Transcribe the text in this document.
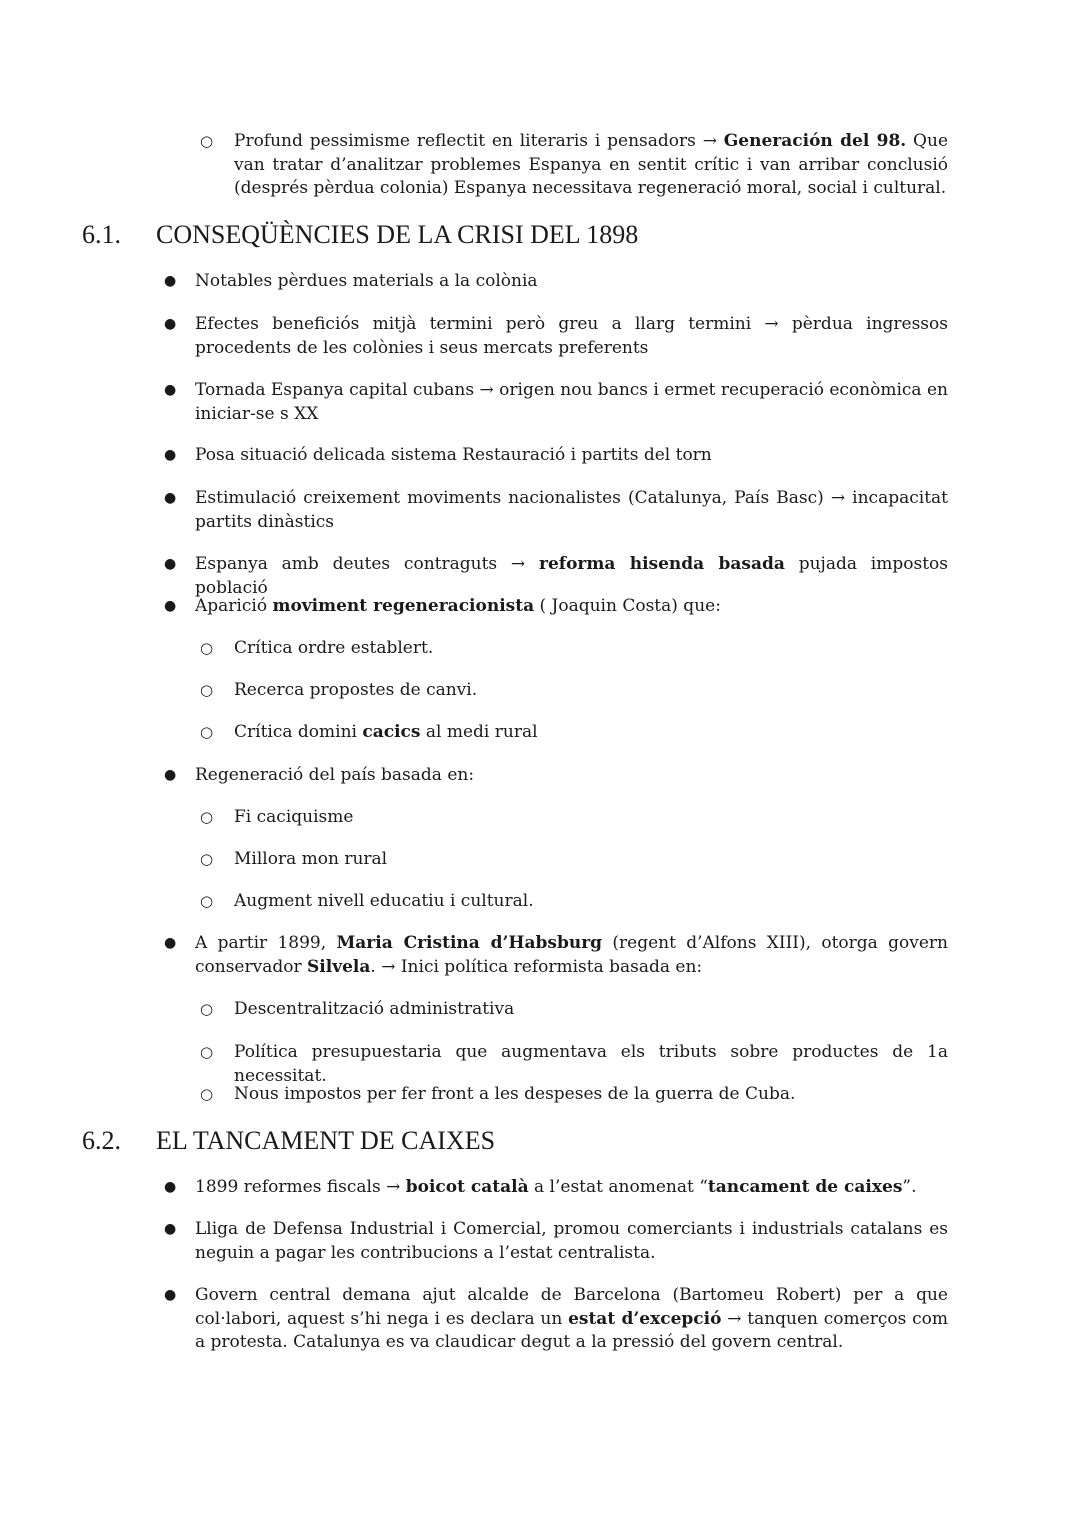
○ Profund pessimisme reflectit en literaris i pensadors → Generación del 98. Que van tratar d’analitzar problemes Espanya en sentit crític i van arribar conclusió (després pèrdua colonia) Espanya necessitava regeneració moral, social i cultural.
6.1. CONSEQÜÈNCIES DE LA CRISI DEL 1898
● Notables pèrdues materials a la colònia
● Efectes beneficiós mitjà termini però greu a llarg termini → pèrdua ingressos procedents de les colònies i seus mercats preferents
● Tornada Espanya capital cubans → origen nou bancs i ermet recuperació econòmica en iniciar-se s XX
● Posa situació delicada sistema Restauració i partits del torn
● Estimulació creixement moviments nacionalistes (Catalunya, País Basc) → incapacitat partits dinàstics
● Espanya amb deutes contraguts → reforma hisenda basada pujada impostos població
● Aparició moviment regeneracionista ( Joaquin Costa) que:
○ Crítica ordre establert.
○ Recerca propostes de canvi.
○ Crítica domini cacics al medi rural
● Regeneració del país basada en:
○ Fi caciquisme
○ Millora mon rural
○ Augment nivell educatiu i cultural.
● A partir 1899, Maria Cristina d’Habsburg (regent d’Alfons XIII), otorga govern conservador Silvela. → Inici política reformista basada en:
○ Descentralització administrativa
○ Política presupuestaria que augmentava els tributs sobre productes de 1a necessitat.
○ Nous impostos per fer front a les despeses de la guerra de Cuba.
6.2. EL TANCAMENT DE CAIXES
● 1899 reformes fiscals → boicot català a l’estat anomenat “tancament de caixes”.
● Lliga de Defensa Industrial i Comercial, promou comerciants i industrials catalans es neguin a pagar les contribucions a l’estat centralista.
● Govern central demana ajut alcalde de Barcelona (Bartomeu Robert) per a que col·labori, aquest s’hi nega i es declara un estat d’excepció → tanquen comerços com a protesta. Catalunya es va claudicar degut a la pressió del govern central.
